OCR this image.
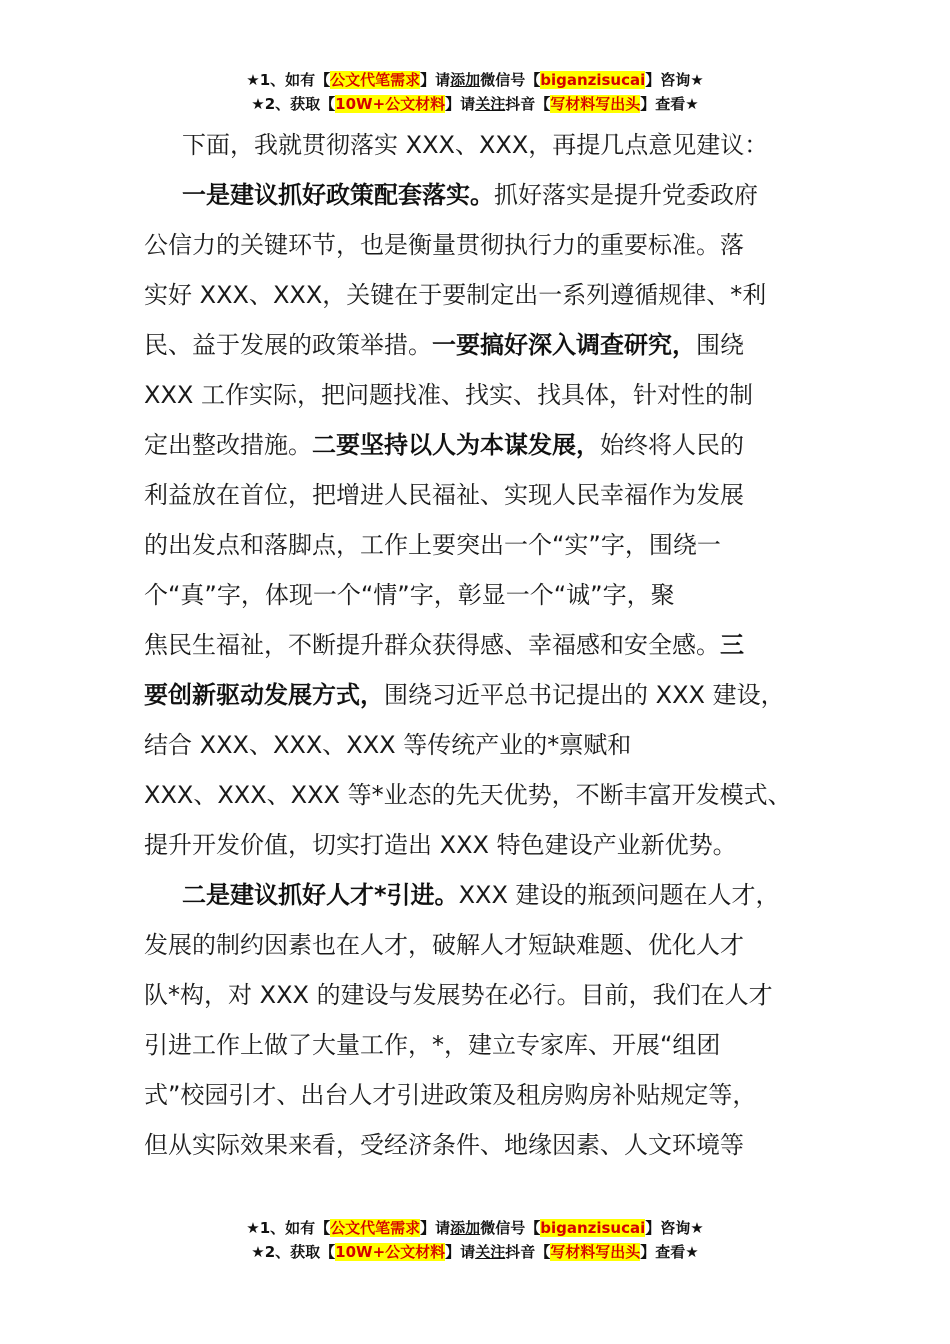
★1、如有【公文代笔需求】请添加微信号【biganzisucai】咨询★
★2、获取【10W+公文材料】请关注抖音【写材料写出头】查看★
下面，我就贯彻落实 XXX、XXX，再提几点意见建议：
一是建议抓好政策配套落实。抓好落实是提升党委政府
公信力的关键环节，也是衡量贯彻执行力的重要标准。落
实好 XXX、XXX，关键在于要制定出一系列遵循规律、*利
民、益于发展的政策举措。一要搞好深入调查研究，围绕
XXX 工作实际，把问题找准、找实、找具体，针对性的制
定出整改措施。二要坚持以人为本谋发展，始终将人民的
利益放在首位，把增进人民福祉、实现人民幸福作为发展
的出发点和落脚点，工作上要突出一个“实”字，围绕一
个“真”字，体现一个“情”字，彰显一个“诚”字，聚
焦民生福祉，不断提升群众获得感、幸福感和安全感。三
要创新驱动发展方式，围绕习近平总书记提出的 XXX 建设，
结合 XXX、XXX、XXX 等传统产业的*禀赋和
XXX、XXX、XXX 等*业态的先天优势，不断丰富开发模式、
提升开发价值，切实打造出 XXX 特色建设产业新优势。
二是建议抓好人才*引进。XXX 建设的瓶颈问题在人才，
发展的制约因素也在人才，破解人才短缺难题、优化人才
队*构，对 XXX 的建设与发展势在必行。目前，我们在人才
引进工作上做了大量工作，*，建立专家库、开展“组团
式”校园引才、出台人才引进政策及租房购房补贴规定等，
但从实际效果来看，受经济条件、地缘因素、人文环境等
★1、如有【公文代笔需求】请添加微信号【biganzisucai】咨询★
★2、获取【10W+公文材料】请关注抖音【写材料写出头】查看★
